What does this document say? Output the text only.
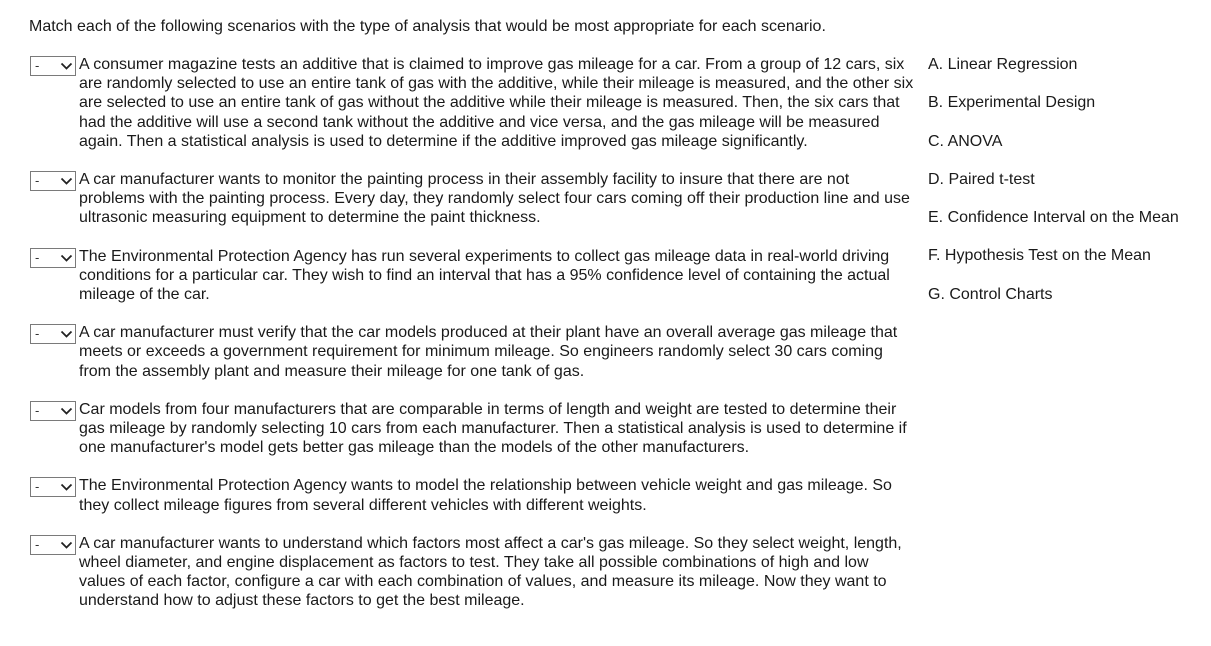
Match each of the following scenarios with the type of analysis that would be most appropriate for each scenario.
- A consumer magazine tests an additive that is claimed to improve gas mileage for a car. From a group of 12 cars, six are randomly selected to use an entire tank of gas with the additive, while their mileage is measured, and the other six are selected to use an entire tank of gas without the additive while their mileage is measured. Then, the six cars that had the additive will use a second tank without the additive and vice versa, and the gas mileage will be measured again. Then a statistical analysis is used to determine if the additive improved gas mileage significantly.
- A car manufacturer wants to monitor the painting process in their assembly facility to insure that there are not problems with the painting process. Every day, they randomly select four cars coming off their production line and use ultrasonic measuring equipment to determine the paint thickness.
- The Environmental Protection Agency has run several experiments to collect gas mileage data in real-world driving conditions for a particular car. They wish to find an interval that has a 95% confidence level of containing the actual mileage of the car.
- A car manufacturer must verify that the car models produced at their plant have an overall average gas mileage that meets or exceeds a government requirement for minimum mileage. So engineers randomly select 30 cars coming from the assembly plant and measure their mileage for one tank of gas.
- Car models from four manufacturers that are comparable in terms of length and weight are tested to determine their gas mileage by randomly selecting 10 cars from each manufacturer. Then a statistical analysis is used to determine if one manufacturer's model gets better gas mileage than the models of the other manufacturers.
- The Environmental Protection Agency wants to model the relationship between vehicle weight and gas mileage. So they collect mileage figures from several different vehicles with different weights.
- A car manufacturer wants to understand which factors most affect a car's gas mileage. So they select weight, length, wheel diameter, and engine displacement as factors to test. They take all possible combinations of high and low values of each factor, configure a car with each combination of values, and measure its mileage. Now they want to understand how to adjust these factors to get the best mileage.
A. Linear Regression
B. Experimental Design
C. ANOVA
D. Paired t-test
E. Confidence Interval on the Mean
F. Hypothesis Test on the Mean
G. Control Charts
